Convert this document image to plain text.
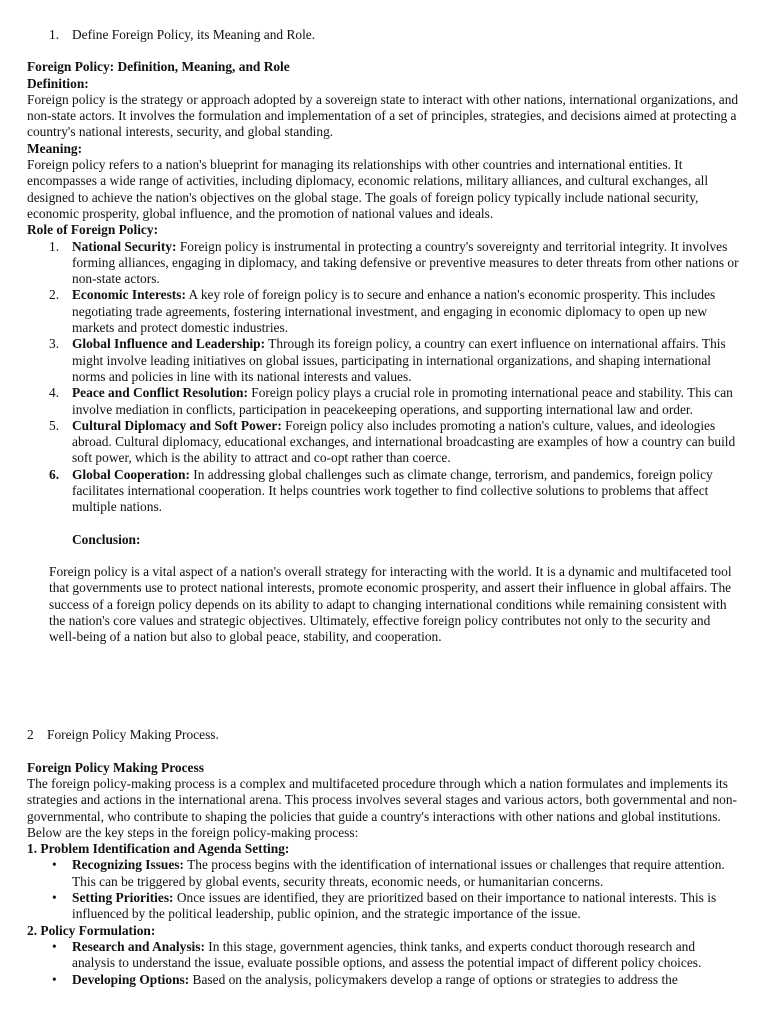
1. Define Foreign Policy, its Meaning and Role.

Foreign Policy: Definition, Meaning, and Role

Definition:

Foreign policy is the strategy or approach adopted by a sovereign state to interact with other nations, international organizations, and non-state actors. It involves the formulation and implementation of a set of principles, strategies, and decisions aimed at protecting a country's national interests, security, and global standing.

Meaning:

Foreign policy refers to a nation's blueprint for managing its relationships with other countries and international entities. It encompasses a wide range of activities, including diplomacy, economic relations, military alliances, and cultural exchanges, all designed to achieve the nation's objectives on the global stage. The goals of foreign policy typically include national security, economic prosperity, global influence, and the promotion of national values and ideals.

Role of Foreign Policy:

1. National Security: Foreign policy is instrumental in protecting a country's sovereignty and territorial integrity. It involves forming alliances, engaging in diplomacy, and taking defensive or preventive measures to deter threats from other nations or non-state actors.
2. Economic Interests: A key role of foreign policy is to secure and enhance a nation's economic prosperity. This includes negotiating trade agreements, fostering international investment, and engaging in economic diplomacy to open up new markets and protect domestic industries.
3. Global Influence and Leadership: Through its foreign policy, a country can exert influence on international affairs. This might involve leading initiatives on global issues, participating in international organizations, and shaping international norms and policies in line with its national interests and values.
4. Peace and Conflict Resolution: Foreign policy plays a crucial role in promoting international peace and stability. This can involve mediation in conflicts, participation in peacekeeping operations, and supporting international law and order.
5. Cultural Diplomacy and Soft Power: Foreign policy also includes promoting a nation's culture, values, and ideologies abroad. Cultural diplomacy, educational exchanges, and international broadcasting are examples of how a country can build soft power, which is the ability to attract and co-opt rather than coerce.
6. Global Cooperation: In addressing global challenges such as climate change, terrorism, and pandemics, foreign policy facilitates international cooperation. It helps countries work together to find collective solutions to problems that affect multiple nations.

Conclusion:

Foreign policy is a vital aspect of a nation's overall strategy for interacting with the world. It is a dynamic and multifaceted tool that governments use to protect national interests, promote economic prosperity, and assert their influence in global affairs. The success of a foreign policy depends on its ability to adapt to changing international conditions while remaining consistent with the nation's core values and strategic objectives. Ultimately, effective foreign policy contributes not only to the security and well-being of a nation but also to global peace, stability, and cooperation.

2 Foreign Policy Making Process.

Foreign Policy Making Process

The foreign policy-making process is a complex and multifaceted procedure through which a nation formulates and implements its strategies and actions in the international arena. This process involves several stages and various actors, both governmental and non-governmental, who contribute to shaping the policies that guide a country's interactions with other nations and global institutions. Below are the key steps in the foreign policy-making process:

1. Problem Identification and Agenda Setting:

• Recognizing Issues: The process begins with the identification of international issues or challenges that require attention. This can be triggered by global events, security threats, economic needs, or humanitarian concerns.
• Setting Priorities: Once issues are identified, they are prioritized based on their importance to national interests. This is influenced by the political leadership, public opinion, and the strategic importance of the issue.

2. Policy Formulation:

• Research and Analysis: In this stage, government agencies, think tanks, and experts conduct thorough research and analysis to understand the issue, evaluate possible options, and assess the potential impact of different policy choices.
• Developing Options: Based on the analysis, policymakers develop a range of options or strategies to address the
